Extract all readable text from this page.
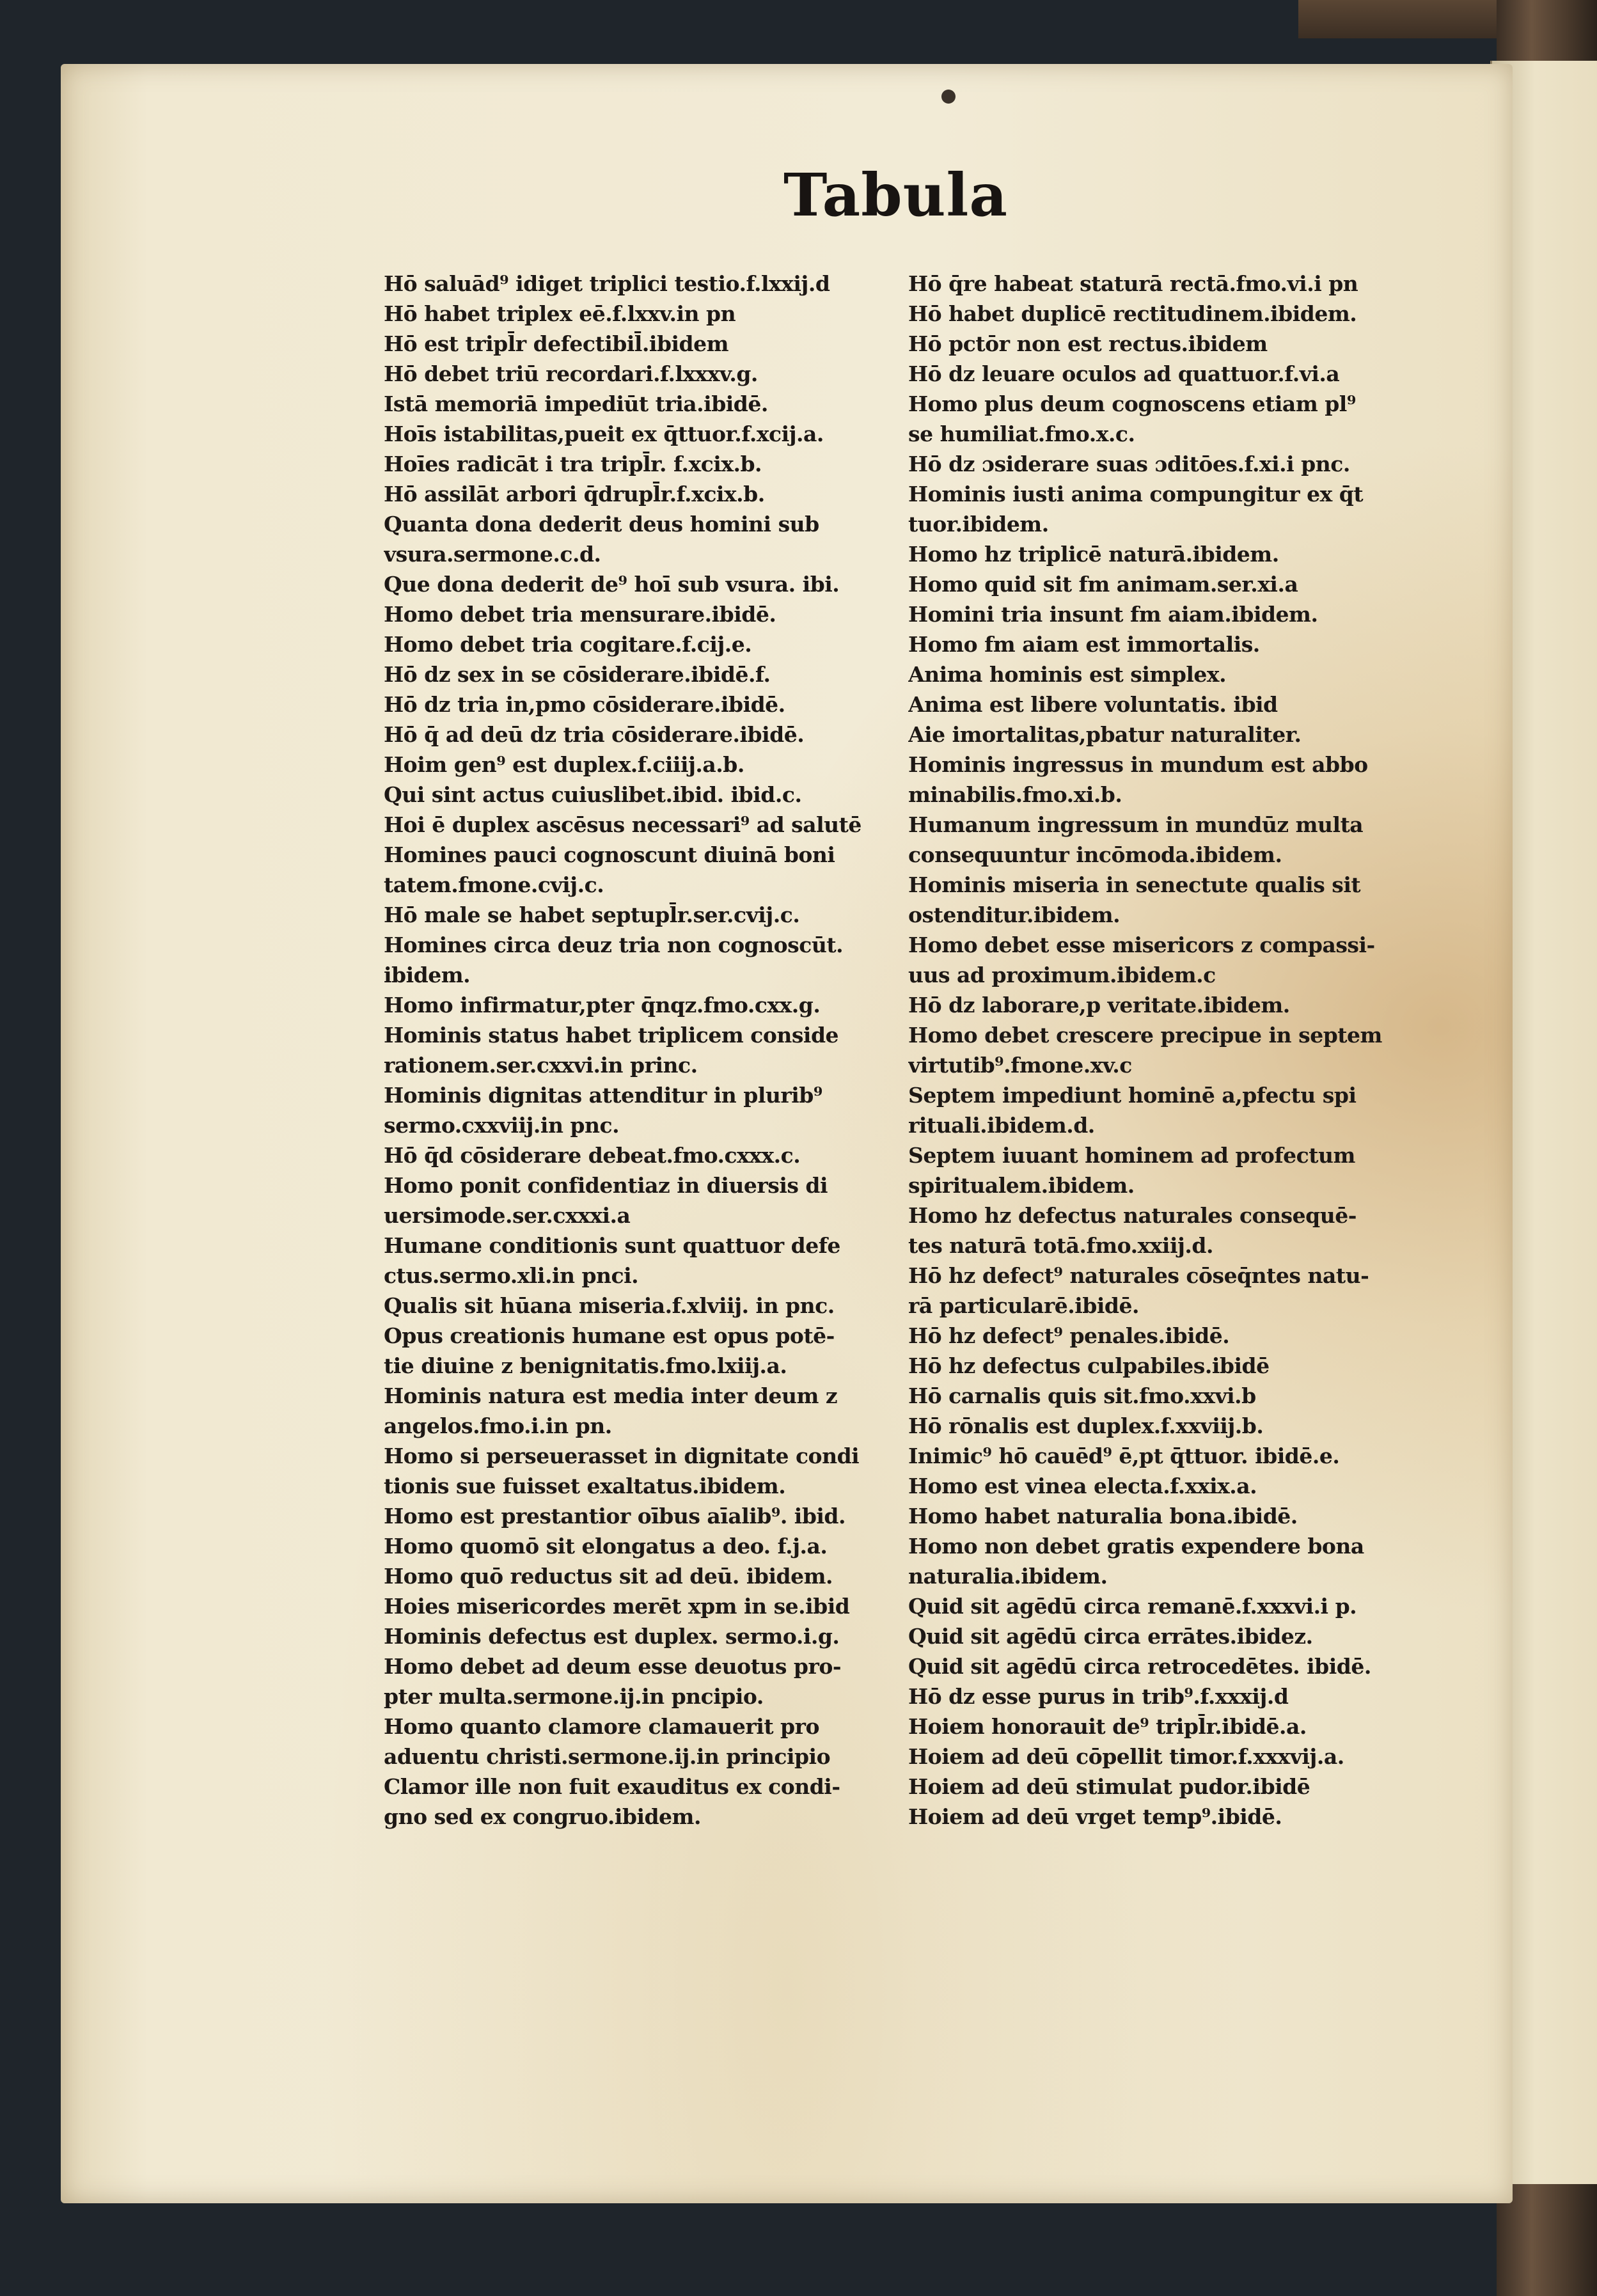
Tabula
Hō saluād⁹ idiget triplici testio.f.lxxij.d
Hō habet triplex eē.f.lxxv.in pn
Hō est tripl̄r defectibil̄.ibidem
Hō debet triū recordari.f.lxxxv.g.
Istā memoriā impediūt tria.ibidē.
Hoīs istabilitas,pueit ex q̄ttuor.f.xcij.a.
Hoīes radicāt i tra tripl̄r. f.xcix.b.
Hō assilāt arbori q̄drupl̄r.f.xcix.b.
Quanta dona dederit deus homini sub
vsura.sermone.c.d.
Que dona dederit de⁹ hoī sub vsura. ibi.
Homo debet tria mensurare.ibidē.
Homo debet tria cogitare.f.cij.e.
Hō dz sex in se cōsiderare.ibidē.f.
Hō dz tria in,pmo cōsiderare.ibidē.
Hō q̄ ad deū dz tria cōsiderare.ibidē.
Hoim gen⁹ est duplex.f.ciiij.a.b.
Qui sint actus cuiuslibet.ibid. ibid.c.
Hoi ē duplex ascēsus necessari⁹ ad salutē
Homines pauci cognoscunt diuinā boni
tatem.fmone.cvij.c.
Hō male se habet septupl̄r.ser.cvij.c.
Homines circa deuz tria non cognoscūt.
ibidem.
Homo infirmatur,pter q̄nqz.fmo.cxx.g.
Hominis status habet triplicem conside
rationem.ser.cxxvi.in princ.
Hominis dignitas attenditur in plurib⁹
sermo.cxxviij.in pnc.
Hō q̄d cōsiderare debeat.fmo.cxxx.c.
Homo ponit confidentiaz in diuersis di
uersimode.ser.cxxxi.a
Humane conditionis sunt quattuor defe
ctus.sermo.xli.in pnci.
Qualis sit hūana miseria.f.xlviij. in pnc.
Opus creationis humane est opus potē-
tie diuine z benignitatis.fmo.lxiij.a.
Hominis natura est media inter deum z
angelos.fmo.i.in pn.
Homo si perseuerasset in dignitate condi
tionis sue fuisset exaltatus.ibidem.
Homo est prestantior oībus aīalib⁹. ibid.
Homo quomō sit elongatus a deo. f.j.a.
Homo quō reductus sit ad deū. ibidem.
Hoies misericordes merēt xpm in se.ibid
Hominis defectus est duplex. sermo.i.g.
Homo debet ad deum esse deuotus pro-
pter multa.sermone.ij.in pncipio.
Homo quanto clamore clamauerit pro
aduentu christi.sermone.ij.in principio
Clamor ille non fuit exauditus ex condi-
gno sed ex congruo.ibidem.
Hō q̄re habeat staturā rectā.fmo.vi.i pn
Hō habet duplicē rectitudinem.ibidem.
Hō pctōr non est rectus.ibidem
Hō dz leuare oculos ad quattuor.f.vi.a
Homo plus deum cognoscens etiam pl⁹
se humiliat.fmo.x.c.
Hō dz ɔsiderare suas ɔditōes.f.xi.i pnc.
Hominis iusti anima compungitur ex q̄t
tuor.ibidem.
Homo hz triplicē naturā.ibidem.
Homo quid sit fm animam.ser.xi.a
Homini tria insunt fm aiam.ibidem.
Homo fm aiam est immortalis.
Anima hominis est simplex.
Anima est libere voluntatis. ibid
Aie imortalitas,pbatur naturaliter.
Hominis ingressus in mundum est abbo
minabilis.fmo.xi.b.
Humanum ingressum in mundūz multa
consequuntur incōmoda.ibidem.
Hominis miseria in senectute qualis sit
ostenditur.ibidem.
Homo debet esse misericors z compassi-
uus ad proximum.ibidem.c
Hō dz laborare,p veritate.ibidem.
Homo debet crescere precipue in septem
virtutib⁹.fmone.xv.c
Septem impediunt hominē a,pfectu spi
rituali.ibidem.d.
Septem iuuant hominem ad profectum
spiritualem.ibidem.
Homo hz defectus naturales consequē-
tes naturā totā.fmo.xxiij.d.
Hō hz defect⁹ naturales cōseq̄ntes natu-
rā particularē.ibidē.
Hō hz defect⁹ penales.ibidē.
Hō hz defectus culpabiles.ibidē
Hō carnalis quis sit.fmo.xxvi.b
Hō rōnalis est duplex.f.xxviij.b.
Inimic⁹ hō cauēd⁹ ē,pt q̄ttuor. ibidē.e.
Homo est vinea electa.f.xxix.a.
Homo habet naturalia bona.ibidē.
Homo non debet gratis expendere bona
naturalia.ibidem.
Quid sit agēdū circa remanē.f.xxxvi.i p.
Quid sit agēdū circa errātes.ibidez.
Quid sit agēdū circa retrocedētes. ibidē.
Hō dz esse purus in trib⁹.f.xxxij.d
Hoiem honorauit de⁹ tripl̄r.ibidē.a.
Hoiem ad deū cōpellit timor.f.xxxvij.a.
Hoiem ad deū stimulat pudor.ibidē
Hoiem ad deū vrget temp⁹.ibidē.
